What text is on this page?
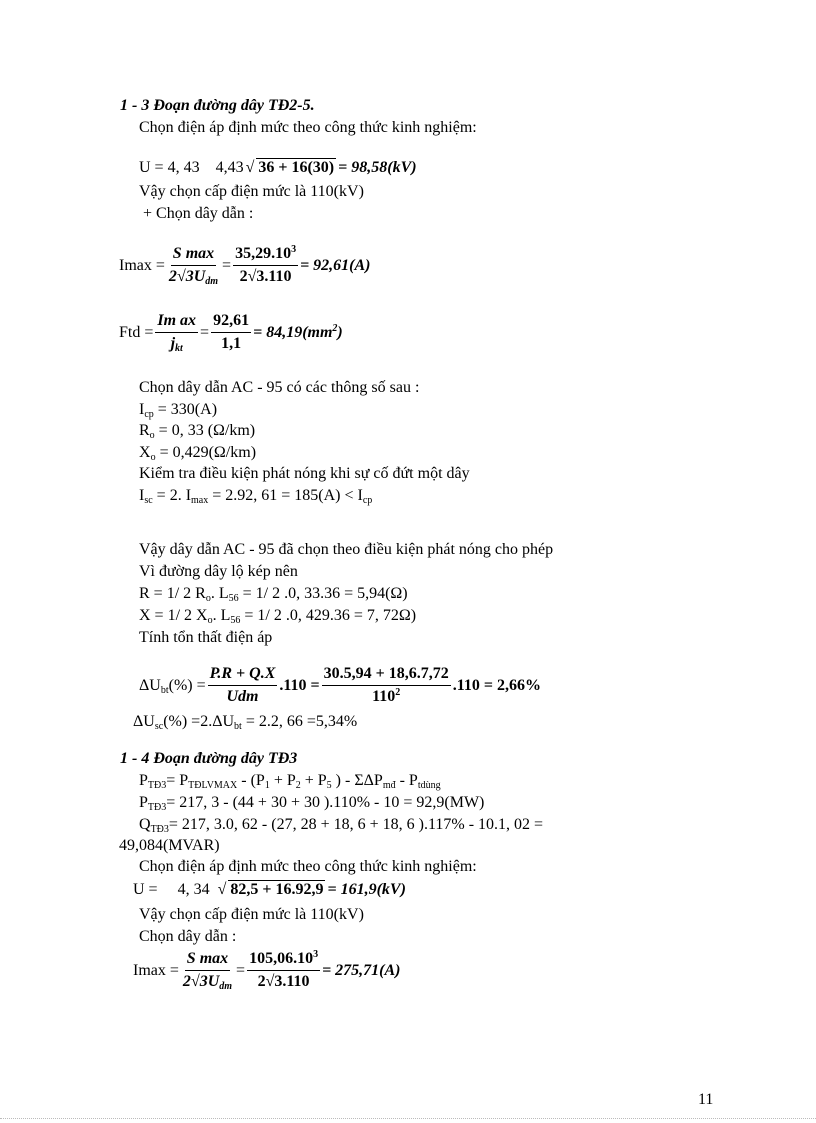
1 - 3 Đoạn đường dây TĐ2-5.
Chọn điện áp định mức theo công thức kinh nghiệm:
U = 4, 43 4,43 √ 36 + 16(30) = 98,58(kV)
Vậy chọn cấp điện mức là 110(kV)
+ Chọn dây dẫn :
$Imax = \frac{\text{S max}}{2√3U_{dm}} = \frac{35,29.10^3}{2√3.110} = 92,61(A)$
Ftd = $\frac{\text{Im ax}}{j_{kt}} = \frac{92,61}{1,1} = 84,19(mm^2)$
Chọn dây dẫn AC - 95 có các thông số sau :
$I_{cp} = 330(A)$
$R_o = 0$, 33 (Ω/km)
$X_o = 0,429(\Omega/km)$
Kiểm tra điều kiện phát nóng khi sự cố đứt một dây
$I_{sc} = 2$. $I_{max} = 2.92$, $61 = 185(A) < I_{cp}$
Vậy dây dẫn AC - 95 đã chọn theo điều kiện phát nóng cho phép
Vì đường dây lộ kép nên
R = 1/ 2 $R_o$. $L_{56} = 1/$ 2 .0, 33.36 = 5,94(Ω)
X = 1/ 2 $X_o$. $L_{56} = 1/$ 2 .0, 429.36 = 7, 72Ω)
Tính tổn thất điện áp
$\Delta U_{bt}(\%) = \frac{P.R + Q.X}{\text{Udm}} .110 = \frac{30.5,94 + 18,6.7,72}{110^2} .110 = 2,66\%$
$\Delta U_{sc}(\%) =2.\Delta U_{bt} = 2.2$, 66 =5,34%
1 - 4 Đoạn đường dây TĐ3
$P_{TĐ3}= P_{TĐLVMAX} - (P_1 + P_2 + P_5$ ) - $\Sigma\Delta P_{mđ} - P_{tdùng}$
$P_{TĐ3}= 217$, 3 - (44 + 30 + 30 ).110% - 10 = 92,9(MW)
$Q_{TĐ3}= 217$, 3.0, 62 - (27, 28 + 18, 6 + 18, 6 ).117% - 10.1, 02 =
49,084(MVAR)
Chọn điện áp định mức theo công thức kinh nghiệm:
U = 4, 34 √ 82,5 + 16.92,9 = 161,9(kV)
Vậy chọn cấp điện mức là 110(kV)
Chọn dây dẫn :
$Imax = \frac{\text{S max}}{2√3U_{dm}} = \frac{105,06.10^3}{2√3.110} = 275,71(A)$
11
